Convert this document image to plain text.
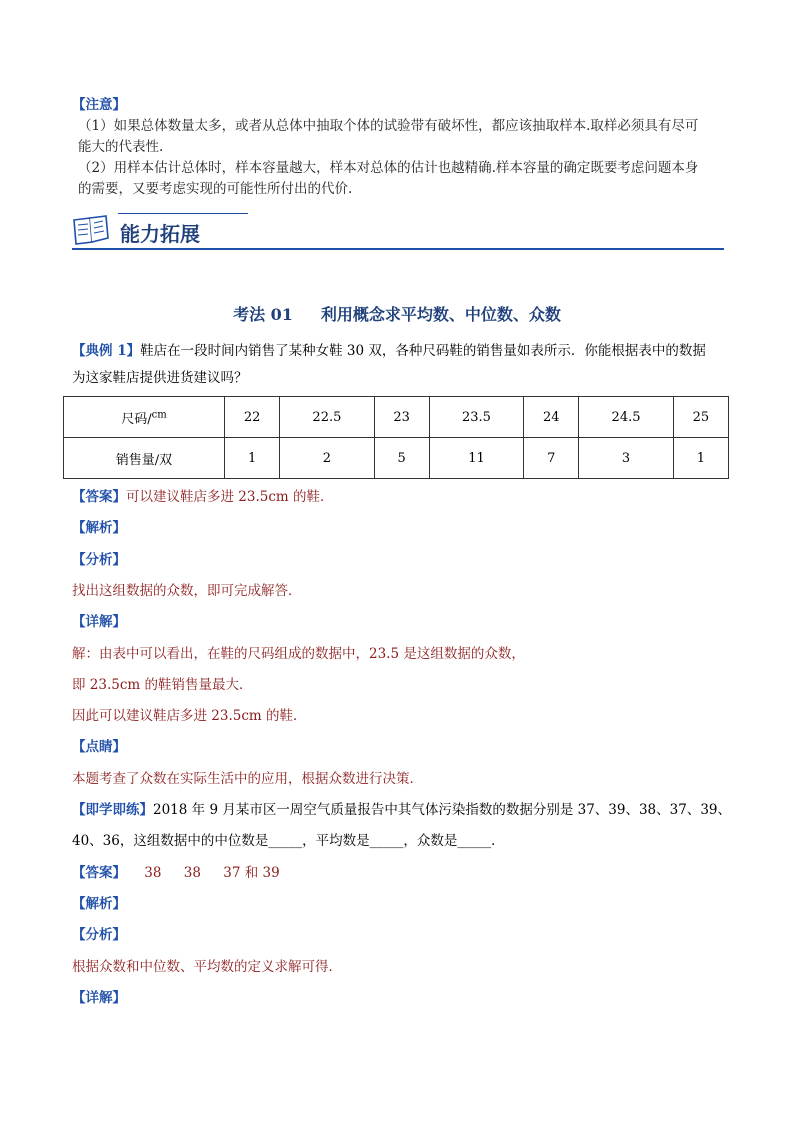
【注意】
（1）如果总体数量太多，或者从总体中抽取个体的试验带有破坏性，都应该抽取样本.取样必须具有尽可
能大的代表性.
（2）用样本估计总体时，样本容量越大，样本对总体的估计也越精确.样本容量的确定既要考虑问题本身
的需要，又要考虑实现的可能性所付出的代价.
能力拓展
考法 01 利用概念求平均数、中位数、众数
【典例 1】鞋店在一段时间内销售了某种女鞋 30 双，各种尺码鞋的销售量如表所示．你能根据表中的数据
为这家鞋店提供进货建议吗？
尺码/$^{cm}$	22	22.5	23	23.5	24	24.5	25
销售量/双	1	2	5	11	7	3	1
【答案】可以建议鞋店多进 23.5cm 的鞋．
【解析】
【分析】
找出这组数据的众数，即可完成解答．
【详解】
解：由表中可以看出，在鞋的尺码组成的数据中，23.5 是这组数据的众数，
即 23.5cm 的鞋销售量最大．
因此可以建议鞋店多进 23.5cm 的鞋．
【点睛】
本题考查了众数在实际生活中的应用，根据众数进行决策．
【即学即练】2018 年 9 月某市区一周空气质量报告中其气体污染指数的数据分别是 37、39、38、37、39、
40、36，这组数据中的中位数是_____，平均数是_____，众数是_____．
【答案】 38 38 37 和 39
【解析】
【分析】
根据众数和中位数、平均数的定义求解可得．
【详解】
